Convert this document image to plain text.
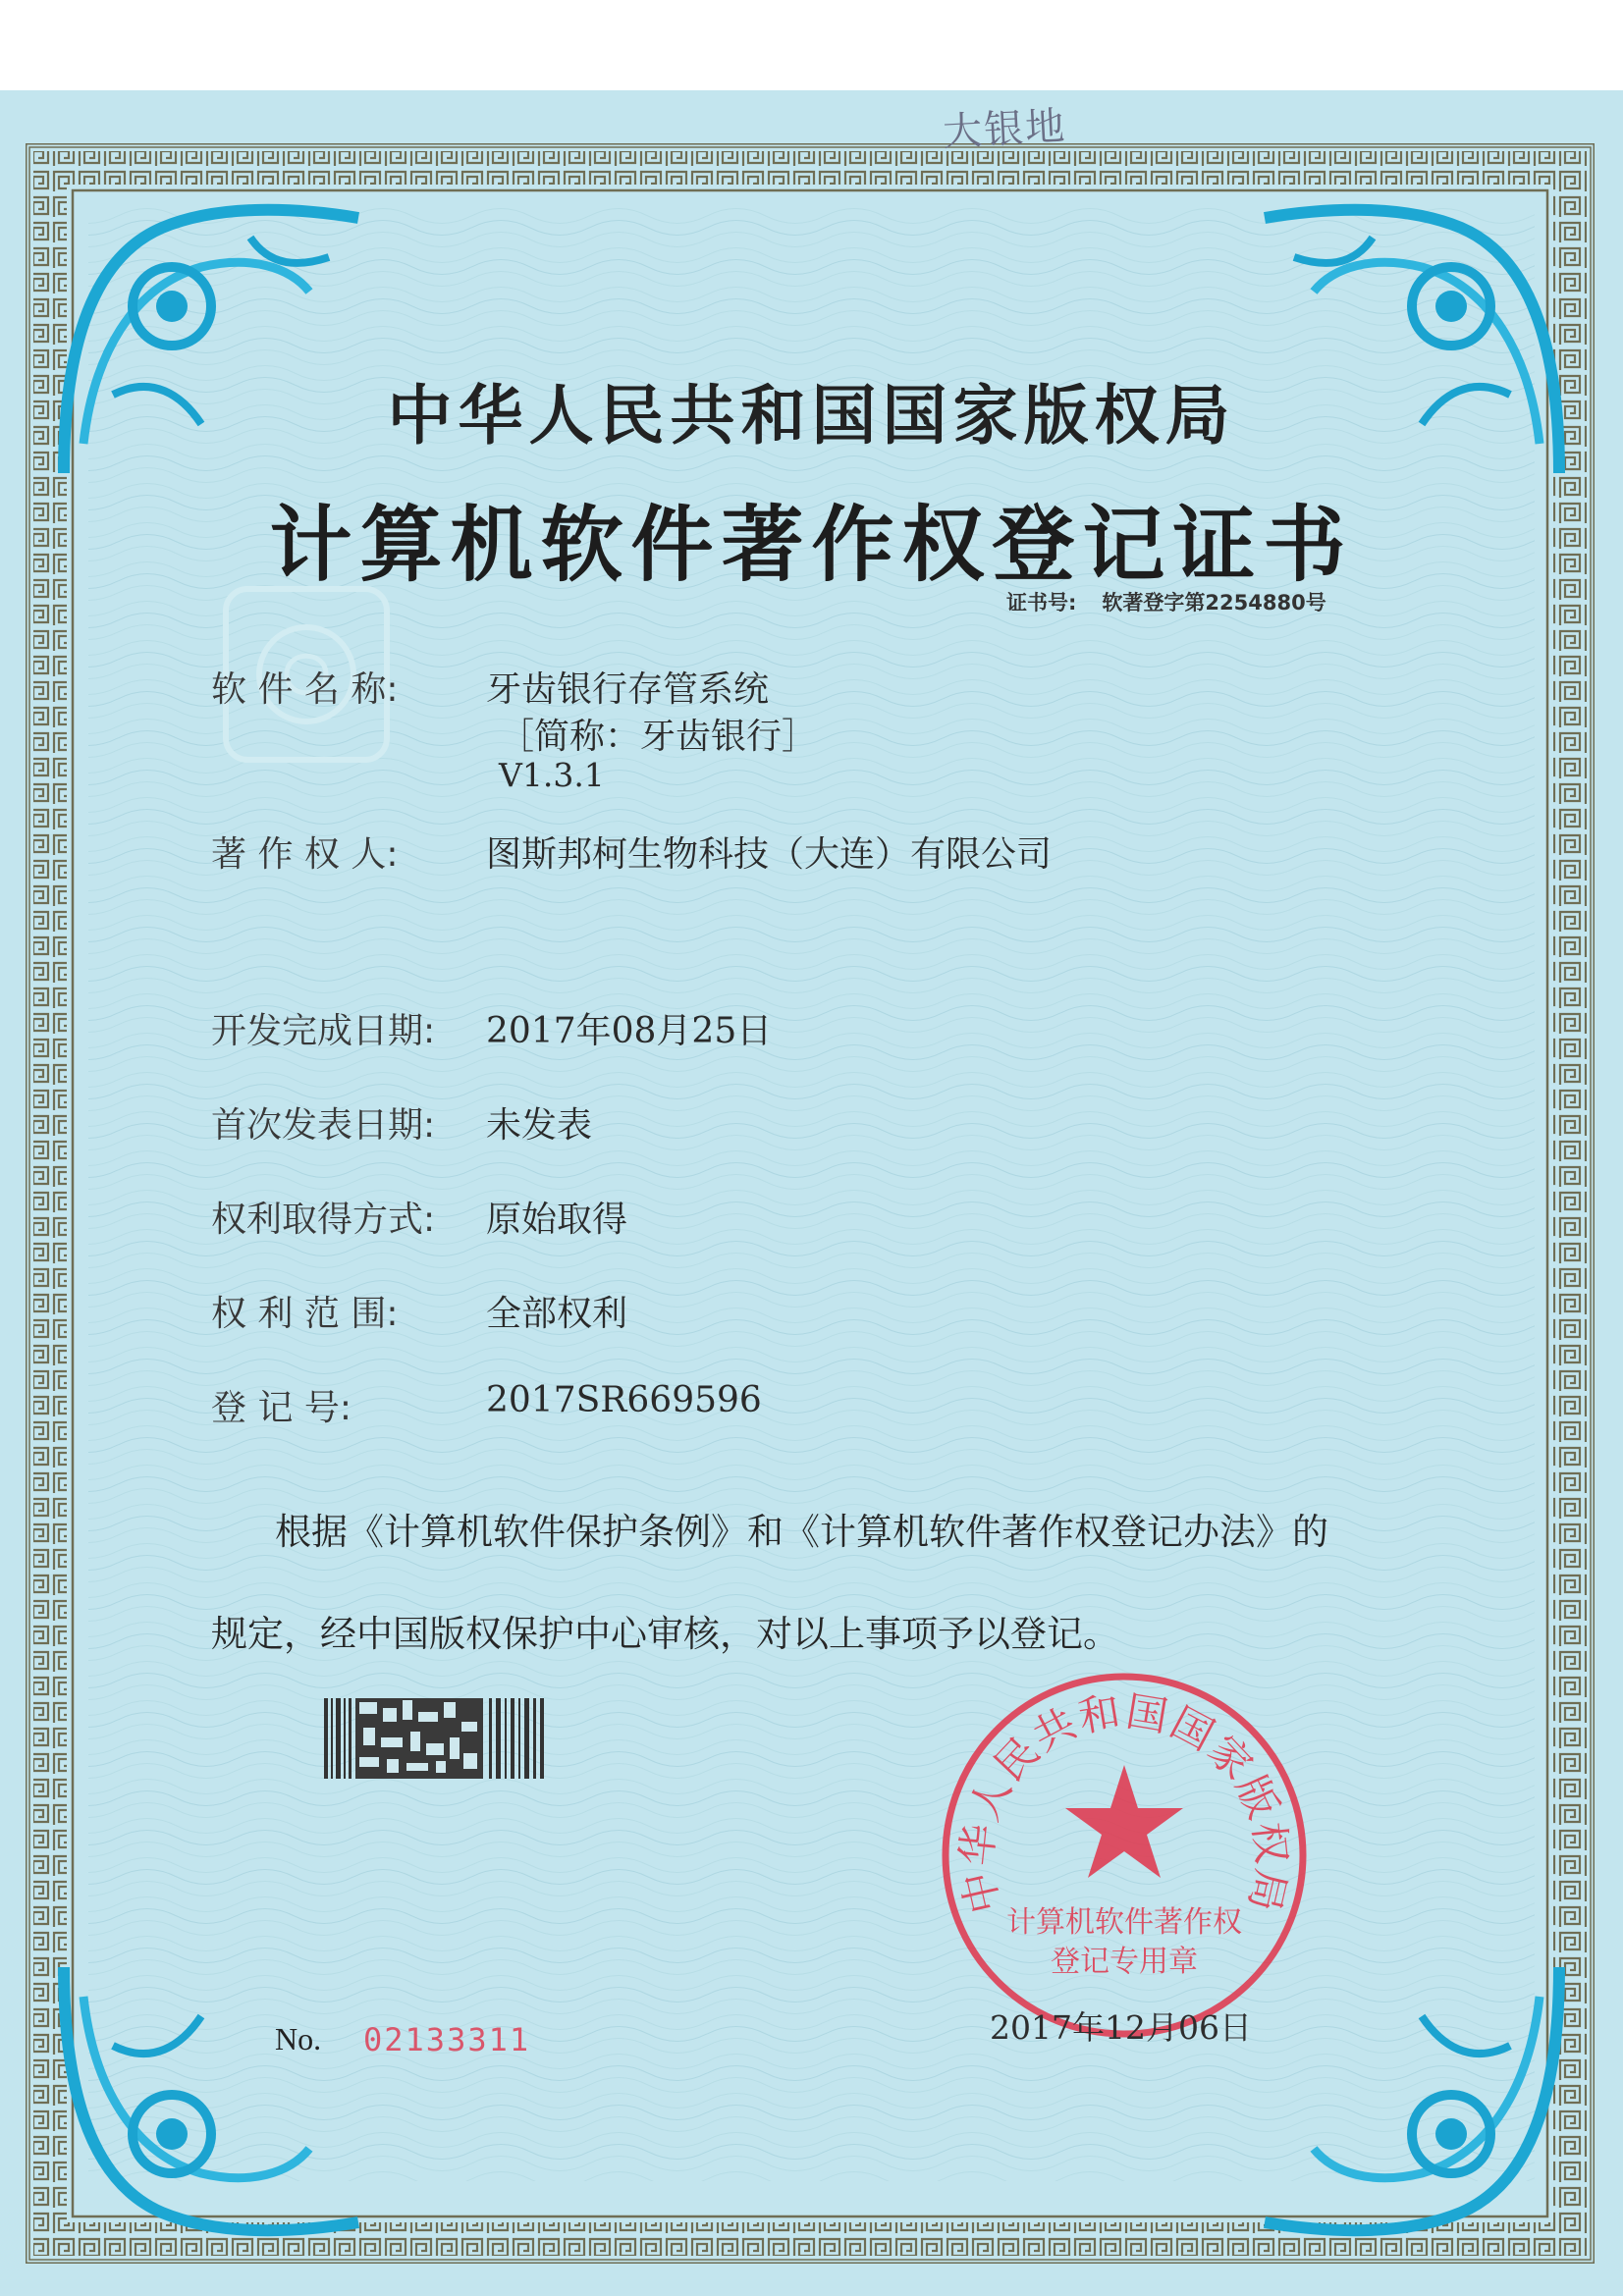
大银地
中华人民共和国国家版权局
计算机软件著作权登记证书
证书号: 软著登字第2254880号
软 件 名 称:	牙齿银行存管系统
［简称：牙齿银行］
V1.3.1
著 作 权 人:	图斯邦柯生物科技（大连）有限公司
开发完成日期:	2017年08月25日
首次发表日期:	未发表
权利取得方式:	原始取得
权 利 范 围:	全部权利
登 记 号:	2017SR669596
根据《计算机软件保护条例》和《计算机软件著作权登记办法》的
规定，经中国版权保护中心审核，对以上事项予以登记。
No. 02133311
中华人民共和国国家版权局
计算机软件著作权
登记专用章
2017年12月06日
